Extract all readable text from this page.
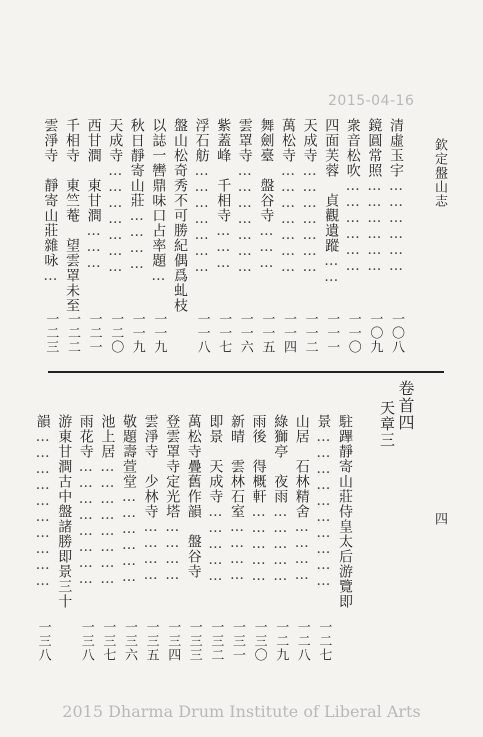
欽定盤山志
四
2015-04-16
一〇八
清虛玉宇………………
一〇九
鏡圓常照………………
一一〇
衆音松吹………………
一一一
四面芙蓉　貞觀遺蹤……
一一二
天成寺…………………
一一四
萬松寺…………………
一一五
舞劍臺　盤谷寺………
一一六
雲罩寺…………………
一一七
紫蓋峰　千相寺………
一一八
浮石舫…………………
盤山松奇秀不可勝紀偶爲虬枝
一一九
以誌一轡鼎味口占率題…
一一九
秋日靜寄山莊…………
一二〇
天成寺…………………
一二一
西甘澗　東甘澗………
一二二
千相寺　東竺菴　望雲罩未至
一二三
雲淨寺　靜寄山莊雜咏…
卷首四
天章三
駐蹕靜寄山莊侍皇太后游覽即
一二七
景…………………………
一二八
山居　石林精舍…………
一二九
綠獅亭　夜雨……………
一三〇
雨後　得概軒……………
一三一
新晴　雲林石室…………
一三二
即景　天成寺……………
一三三
萬松寺疊舊作韻　盤谷寺
一三四
登雲罩寺定光塔…………
一三五
雲淨寺　少林寺…………
一三六
敬題壽萱堂………………
一三七
池上居……………………
一三八
雨花寺……………………
游東甘澗古中盤諸勝即景三十
一三八
韻…………………………
2015 Dharma Drum Institute of Liberal Arts
